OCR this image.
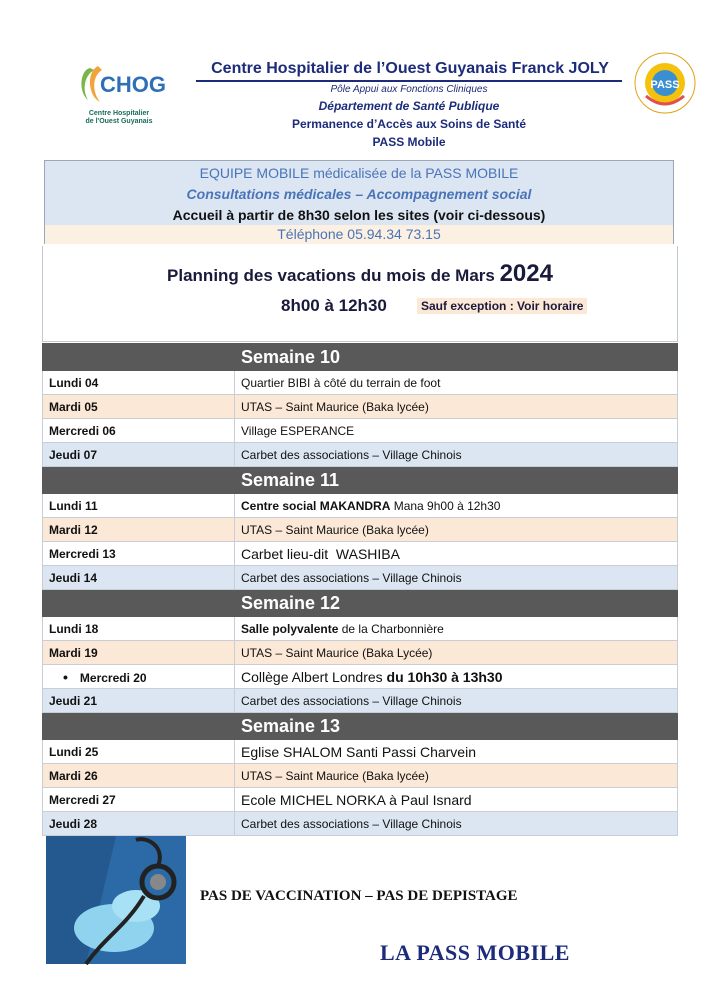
CHOG
Centre Hospitalier
de l'Ouest Guyanais
PASS
Centre Hospitalier de l’Ouest Guyanais Franck JOLY
Pôle Appui aux Fonctions Cliniques
Département de Santé Publique
Permanence d’Accès aux Soins de Santé
PASS Mobile
EQUIPE MOBILE médicalisée de la PASS MOBILE
Consultations médicales – Accompagnement social
Accueil à partir de 8h30 selon les sites (voir ci-dessous)
Téléphone 05.94.34 73.15
Planning des vacations du mois de Mars 2024
8h00 à 12h30	Sauf exception : Voir horaire
	Semaine 10
Lundi 04	Quartier BIBI à côté du terrain de foot
Mardi 05	UTAS – Saint Maurice (Baka lycée)
Mercredi 06	Village ESPERANCE
Jeudi 07	Carbet des associations – Village Chinois
	Semaine 11
Lundi 11	Centre social MAKANDRA Mana 9h00 à 12h30
Mardi 12	UTAS – Saint Maurice (Baka lycée)
Mercredi 13	Carbet lieu-dit  WASHIBA
Jeudi 14	Carbet des associations – Village Chinois
	Semaine 12
Lundi 18	Salle polyvalente de la Charbonnière
Mardi 19	UTAS – Saint Maurice (Baka Lycée)
• Mercredi 20	Collège Albert Londres du 10h30 à 13h30
Jeudi 21	Carbet des associations – Village Chinois
	Semaine 13
Lundi 25	Eglise SHALOM Santi Passi Charvein
Mardi 26	UTAS – Saint Maurice (Baka lycée)
Mercredi 27	Ecole MICHEL NORKA à Paul Isnard
Jeudi 28	Carbet des associations – Village Chinois
PAS DE VACCINATION – PAS DE DEPISTAGE
LA PASS MOBILE
